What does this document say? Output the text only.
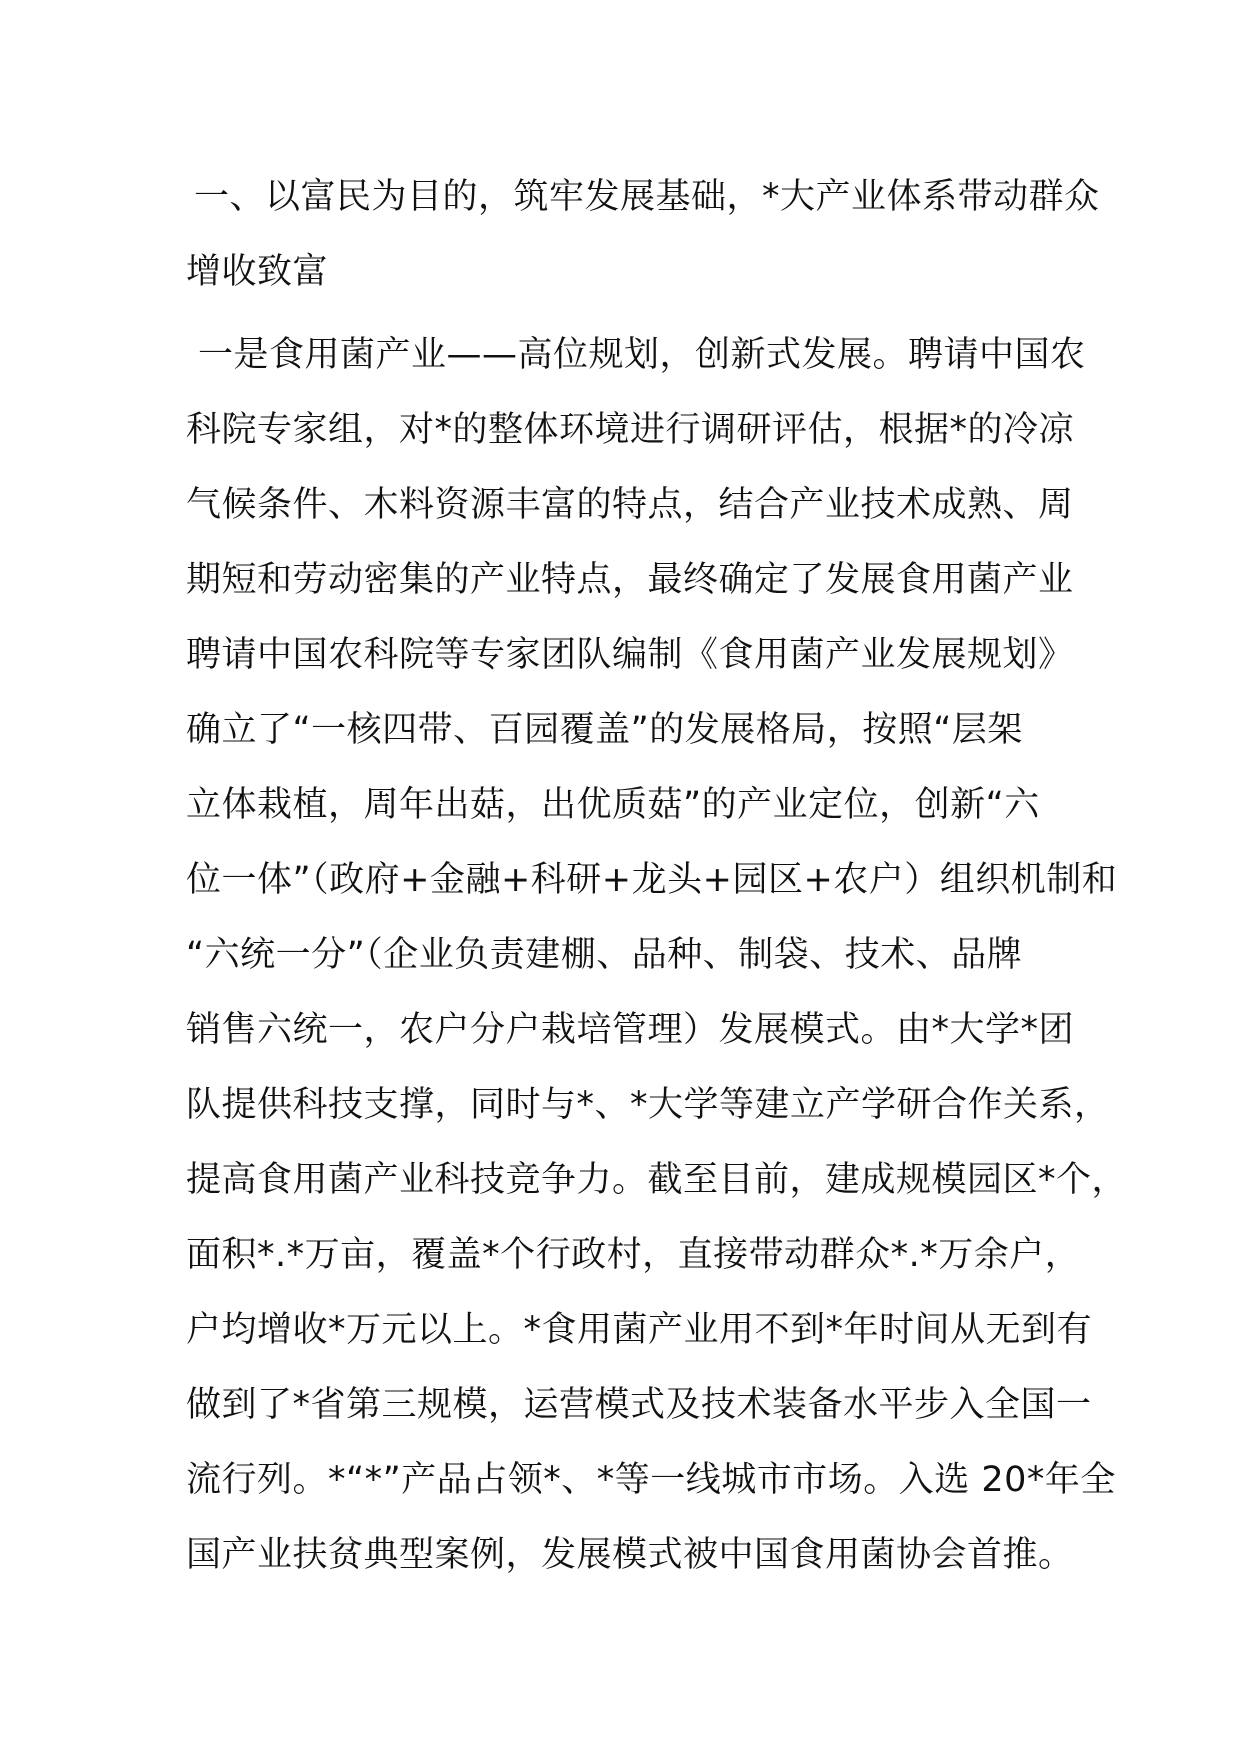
一、以富民为目的，筑牢发展基础，*大产业体系带动群众
增收致富
一是食用菌产业——高位规划，创新式发展。聘请中国农
科院专家组，对*的整体环境进行调研评估，根据*的冷凉
气候条件、木料资源丰富的特点，结合产业技术成熟、周
期短和劳动密集的产业特点，最终确定了发展食用菌产业
聘请中国农科院等专家团队编制《食用菌产业发展规划》
确立了“一核四带、百园覆盖”的发展格局，按照“层架
立体栽植，周年出菇，出优质菇”的产业定位，创新“六
位一体”（政府+金融+科研+龙头+园区+农户）组织机制和
“六统一分”（企业负责建棚、品种、制袋、技术、品牌
销售六统一，农户分户栽培管理）发展模式。由*大学*团
队提供科技支撑，同时与*、*大学等建立产学研合作关系，
提高食用菌产业科技竞争力。截至目前，建成规模园区*个，
面积*.*万亩，覆盖*个行政村，直接带动群众*.*万余户，
户均增收*万元以上。*食用菌产业用不到*年时间从无到有
做到了*省第三规模，运营模式及技术装备水平步入全国一
流行列。*“*”产品占领*、*等一线城市市场。入选 20*年全
国产业扶贫典型案例，发展模式被中国食用菌协会首推。
